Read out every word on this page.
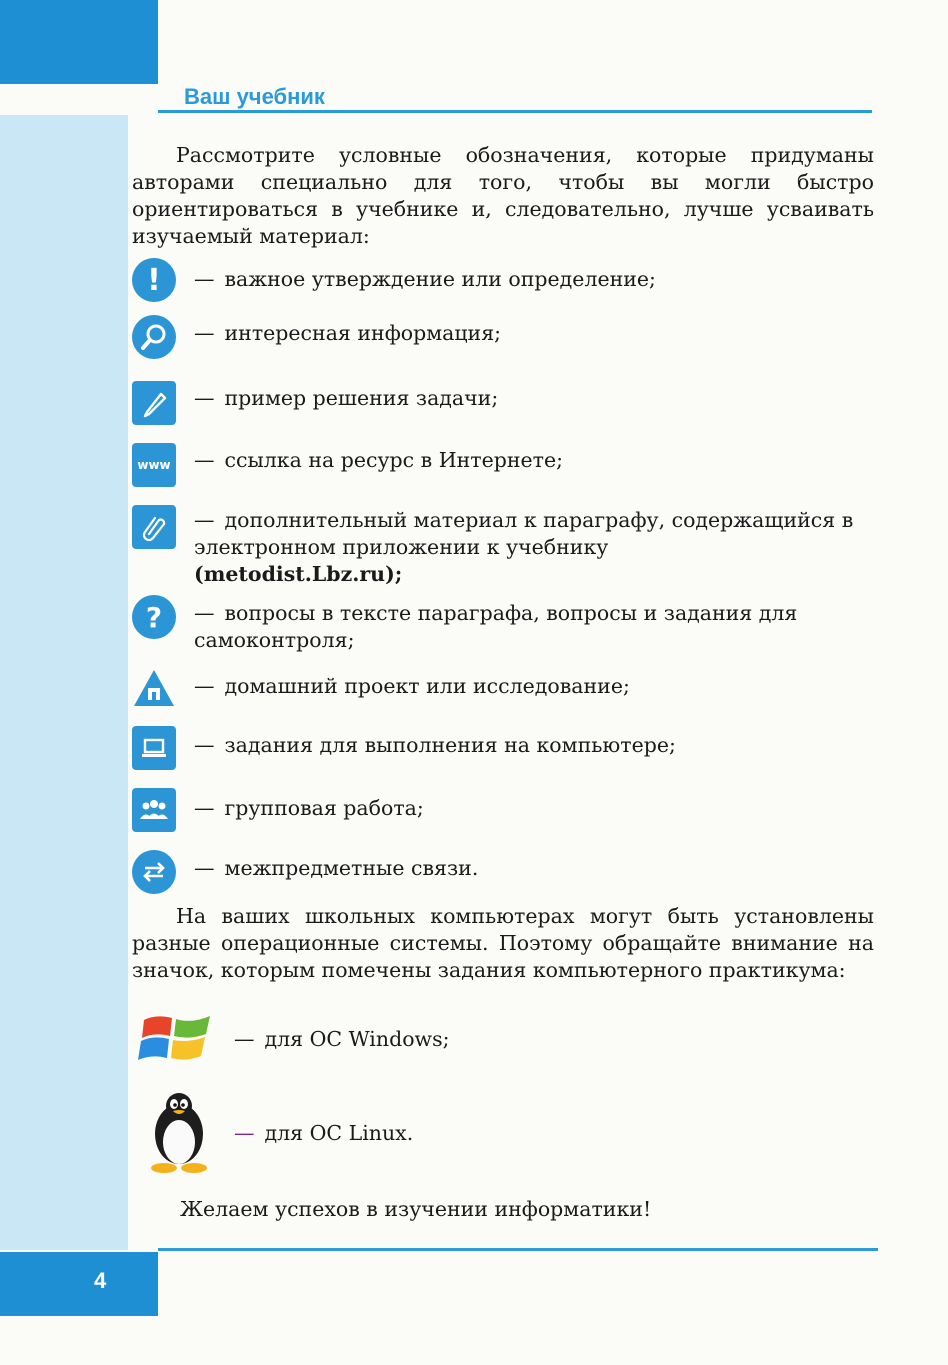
Ваш учебник
Рассмотрите условные обозначения, которые придуманы авторами специально для того, чтобы вы могли быстро ориентироваться в учебнике и, следовательно, лучше усваивать изучаемый материал:
!	— важное утверждение или определение;
— интересная информация;
— пример решения задачи;
www — ссылка на ресурс в Интернете;
— дополнительный материал к параграфу, содержащийся в электронном приложении к учебнику
(metodist.Lbz.ru);
?	— вопросы в тексте параграфа, вопросы и задания для самоконтроля;
— домашний проект или исследование;
— задания для выполнения на компьютере;
— групповая работа;
— межпредметные связи.
На ваших школьных компьютерах могут быть установлены разные операционные системы. Поэтому обращайте внимание на значок, которым помечены задания компьютерного практикума:
— для ОС Windows;
— для ОС Linux.
Желаем успехов в изучении информатики!
4
